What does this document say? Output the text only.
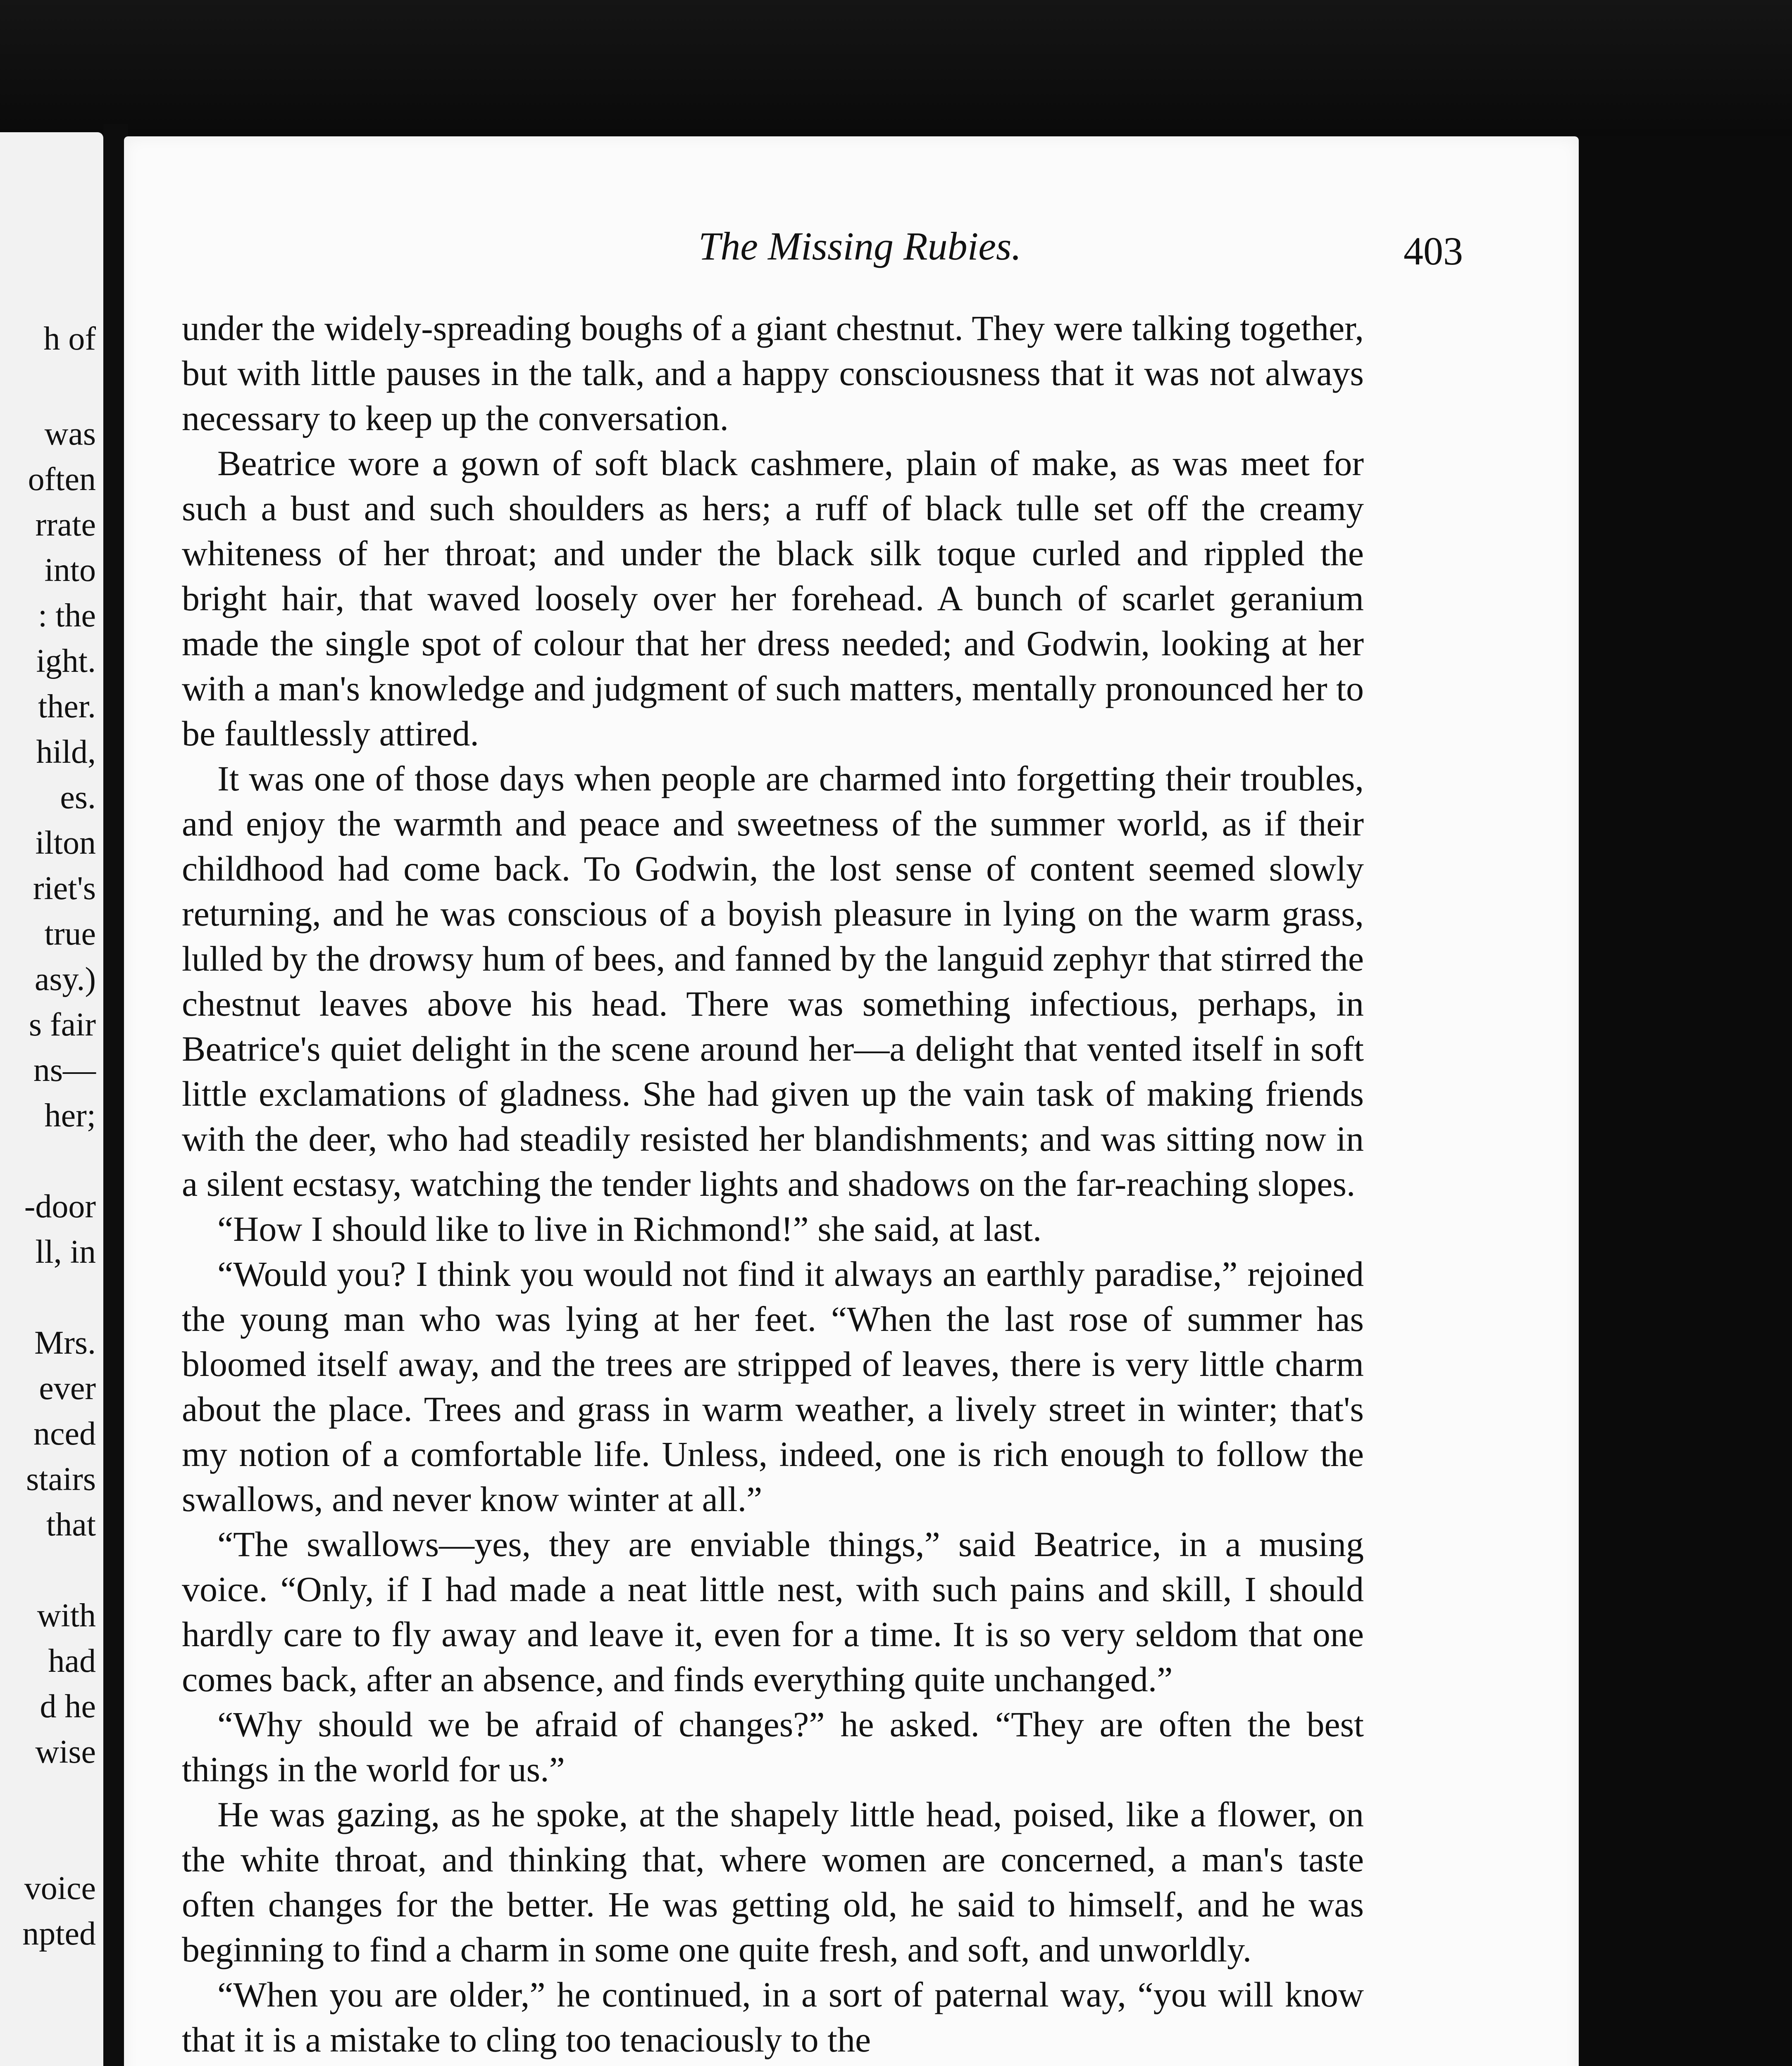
h of
was
often
rrate
into
: the
ight.
ther.
hild,
es.
ilton
riet's
true
asy.)
s fair
ns—
her;
-door
ll, in
Mrs.
ever
nced
stairs
that
with
had
d he
wise
voice
npted
The Missing Rubies.	403

under the widely-spreading boughs of a giant chestnut. They were talking together, but with little pauses in the talk, and a happy consciousness that it was not always necessary to keep up the conversation.

Beatrice wore a gown of soft black cashmere, plain of make, as was meet for such a bust and such shoulders as hers; a ruff of black tulle set off the creamy whiteness of her throat; and under the black silk toque curled and rippled the bright hair, that waved loosely over her forehead. A bunch of scarlet geranium made the single spot of colour that her dress needed; and Godwin, looking at her with a man's knowledge and judgment of such matters, mentally pronounced her to be faultlessly attired.

It was one of those days when people are charmed into forgetting their troubles, and enjoy the warmth and peace and sweetness of the summer world, as if their childhood had come back. To Godwin, the lost sense of content seemed slowly returning, and he was conscious of a boyish pleasure in lying on the warm grass, lulled by the drowsy hum of bees, and fanned by the languid zephyr that stirred the chestnut leaves above his head. There was something infectious, perhaps, in Beatrice's quiet delight in the scene around her—a delight that vented itself in soft little exclamations of gladness. She had given up the vain task of making friends with the deer, who had steadily resisted her blandishments; and was sitting now in a silent ecstasy, watching the tender lights and shadows on the far-reaching slopes.

“How I should like to live in Richmond!” she said, at last.

“Would you? I think you would not find it always an earthly paradise,” rejoined the young man who was lying at her feet. “When the last rose of summer has bloomed itself away, and the trees are stripped of leaves, there is very little charm about the place. Trees and grass in warm weather, a lively street in winter; that's my notion of a comfortable life. Unless, indeed, one is rich enough to follow the swallows, and never know winter at all.”

“The swallows—yes, they are enviable things,” said Beatrice, in a musing voice. “Only, if I had made a neat little nest, with such pains and skill, I should hardly care to fly away and leave it, even for a time. It is so very seldom that one comes back, after an absence, and finds everything quite unchanged.”

“Why should we be afraid of changes?” he asked. “They are often the best things in the world for us.”

He was gazing, as he spoke, at the shapely little head, poised, like a flower, on the white throat, and thinking that, where women are concerned, a man's taste often changes for the better. He was getting old, he said to himself, and he was beginning to find a charm in some one quite fresh, and soft, and unworldly.

“When you are older,” he continued, in a sort of paternal way, “you will know that it is a mistake to cling too tenaciously to the
